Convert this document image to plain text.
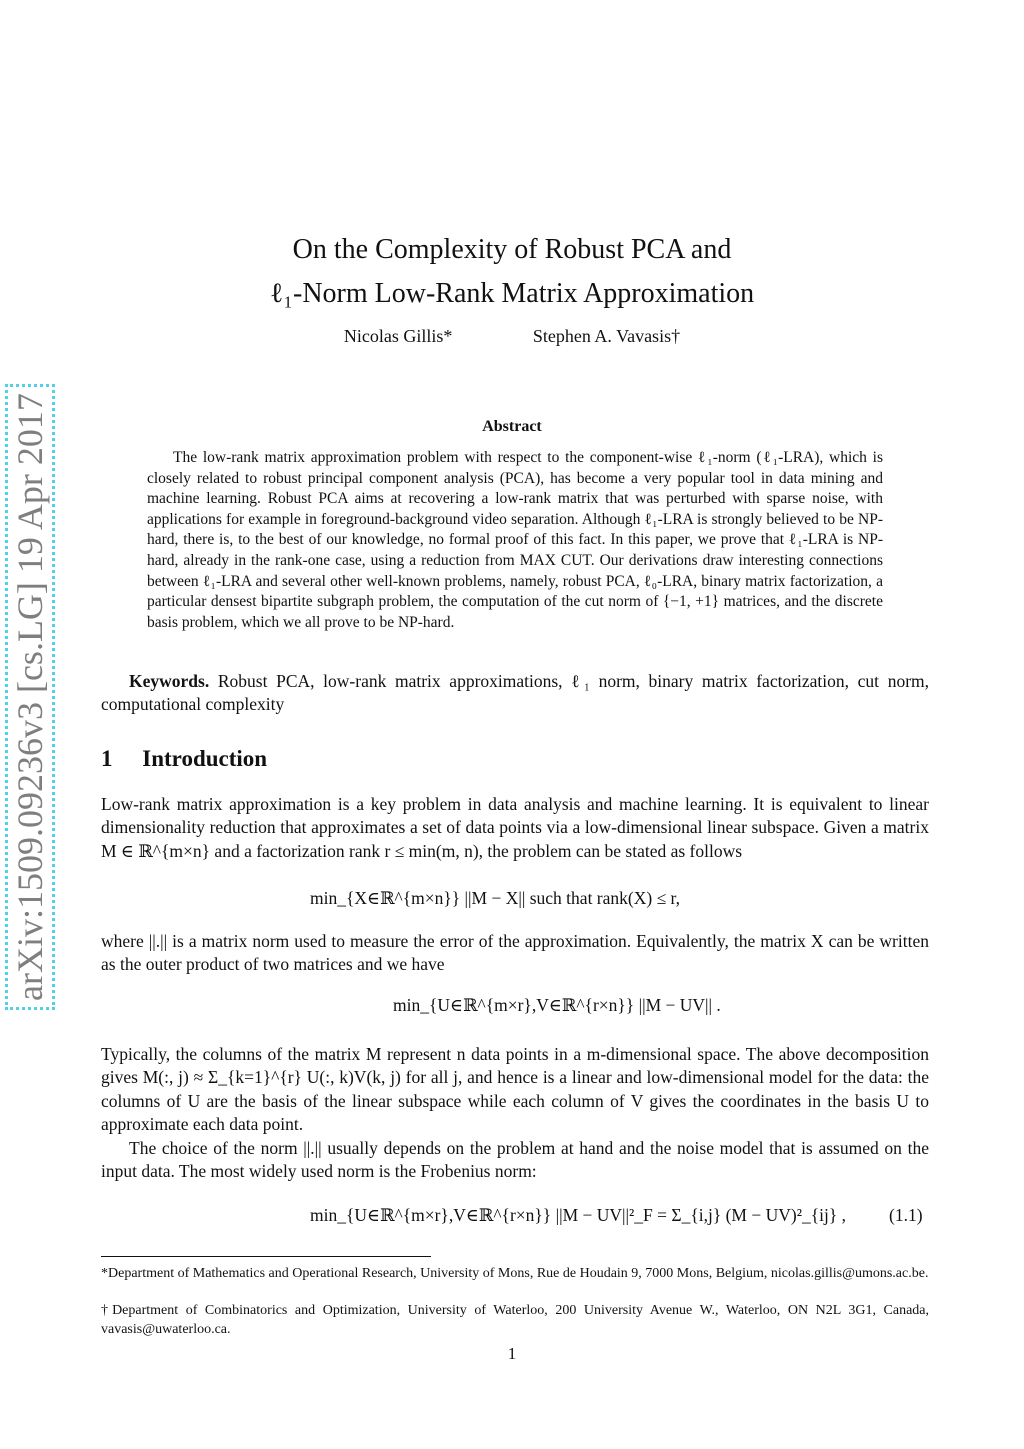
arXiv:1509.09236v3 [cs.LG] 19 Apr 2017
On the Complexity of Robust PCA and
ℓ₁-Norm Low-Rank Matrix Approximation
Nicolas Gillis*	Stephen A. Vavasis†
Abstract
The low-rank matrix approximation problem with respect to the component-wise ℓ₁-norm (ℓ₁-LRA), which is closely related to robust principal component analysis (PCA), has become a very popular tool in data mining and machine learning. Robust PCA aims at recovering a low-rank matrix that was perturbed with sparse noise, with applications for example in foreground-background video separation. Although ℓ₁-LRA is strongly believed to be NP-hard, there is, to the best of our knowledge, no formal proof of this fact. In this paper, we prove that ℓ₁-LRA is NP-hard, already in the rank-one case, using a reduction from MAX CUT. Our derivations draw interesting connections between ℓ₁-LRA and several other well-known problems, namely, robust PCA, ℓ₀-LRA, binary matrix factorization, a particular densest bipartite subgraph problem, the computation of the cut norm of {−1, +1} matrices, and the discrete basis problem, which we all prove to be NP-hard.
Keywords. Robust PCA, low-rank matrix approximations, ℓ₁ norm, binary matrix factorization, cut norm, computational complexity
1 Introduction
Low-rank matrix approximation is a key problem in data analysis and machine learning. It is equivalent to linear dimensionality reduction that approximates a set of data points via a low-dimensional linear subspace. Given a matrix M ∈ ℝ^{m×n} and a factorization rank r ≤ min(m, n), the problem can be stated as follows
min_{X∈ℝ^{m×n}} ||M − X|| such that rank(X) ≤ r,
where ||.|| is a matrix norm used to measure the error of the approximation. Equivalently, the matrix X can be written as the outer product of two matrices and we have
min_{U∈ℝ^{m×r},V∈ℝ^{r×n}} ||M − UV|| .
Typically, the columns of the matrix M represent n data points in a m-dimensional space. The above decomposition gives M(:, j) ≈ Σ_{k=1}^{r} U(:, k)V(k, j) for all j, and hence is a linear and low-dimensional model for the data: the columns of U are the basis of the linear subspace while each column of V gives the coordinates in the basis U to approximate each data point.
The choice of the norm ||.|| usually depends on the problem at hand and the noise model that is assumed on the input data. The most widely used norm is the Frobenius norm:
min_{U∈ℝ^{m×r},V∈ℝ^{r×n}} ||M − UV||²_F = Σ_{i,j} (M − UV)²_{ij} , (1.1)
*Department of Mathematics and Operational Research, University of Mons, Rue de Houdain 9, 7000 Mons, Belgium, nicolas.gillis@umons.ac.be.
†Department of Combinatorics and Optimization, University of Waterloo, 200 University Avenue W., Waterloo, ON N2L 3G1, Canada, vavasis@uwaterloo.ca.
1
